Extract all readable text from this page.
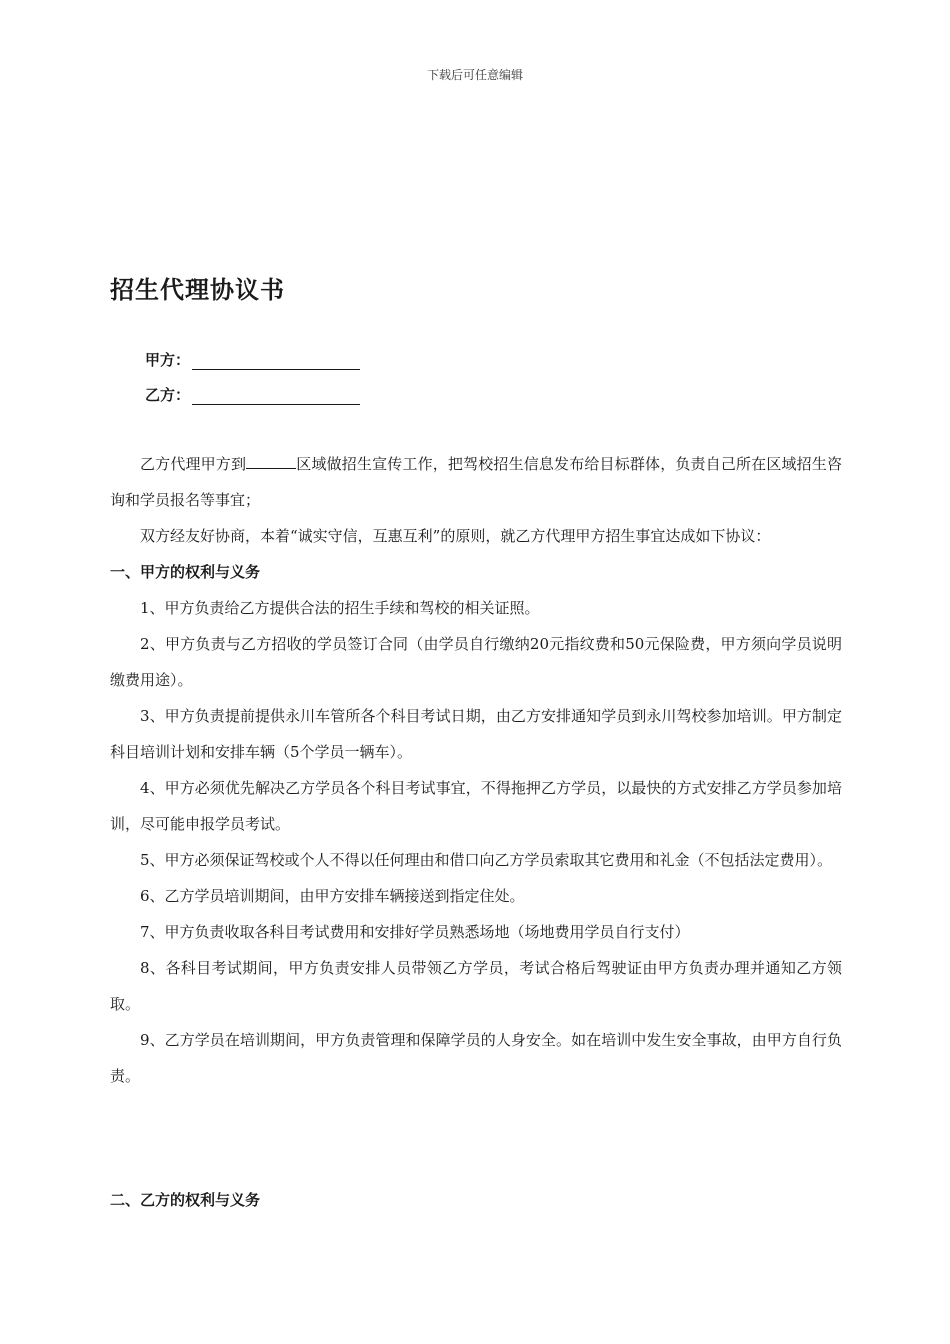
下载后可任意编辑
招生代理协议书
甲方：
乙方：

乙方代理甲方到	区域做招生宣传工作，把驾校招生信息发布给目标群体，负责自己所在区域招生咨询和学员报名等事宜；

双方经友好协商，本着“诚实守信，互惠互利”的原则，就乙方代理甲方招生事宜达成如下协议：

一、甲方的权利与义务

1、甲方负责给乙方提供合法的招生手续和驾校的相关证照。

2、甲方负责与乙方招收的学员签订合同（由学员自行缴纳20元指纹费和50元保险费，甲方须向学员说明缴费用途）。

3、甲方负责提前提供永川车管所各个科目考试日期，由乙方安排通知学员到永川驾校参加培训。甲方制定科目培训计划和安排车辆（5个学员一辆车）。

4、甲方必须优先解决乙方学员各个科目考试事宜，不得拖押乙方学员，以最快的方式安排乙方学员参加培训，尽可能申报学员考试。

5、甲方必须保证驾校或个人不得以任何理由和借口向乙方学员索取其它费用和礼金（不包括法定费用）。

6、乙方学员培训期间，由甲方安排车辆接送到指定住处。

7、甲方负责收取各科目考试费用和安排好学员熟悉场地（场地费用学员自行支付）

8、各科目考试期间，甲方负责安排人员带领乙方学员，考试合格后驾驶证由甲方负责办理并通知乙方领取。

9、乙方学员在培训期间，甲方负责管理和保障学员的人身安全。如在培训中发生安全事故，由甲方自行负责。

二、乙方的权利与义务
